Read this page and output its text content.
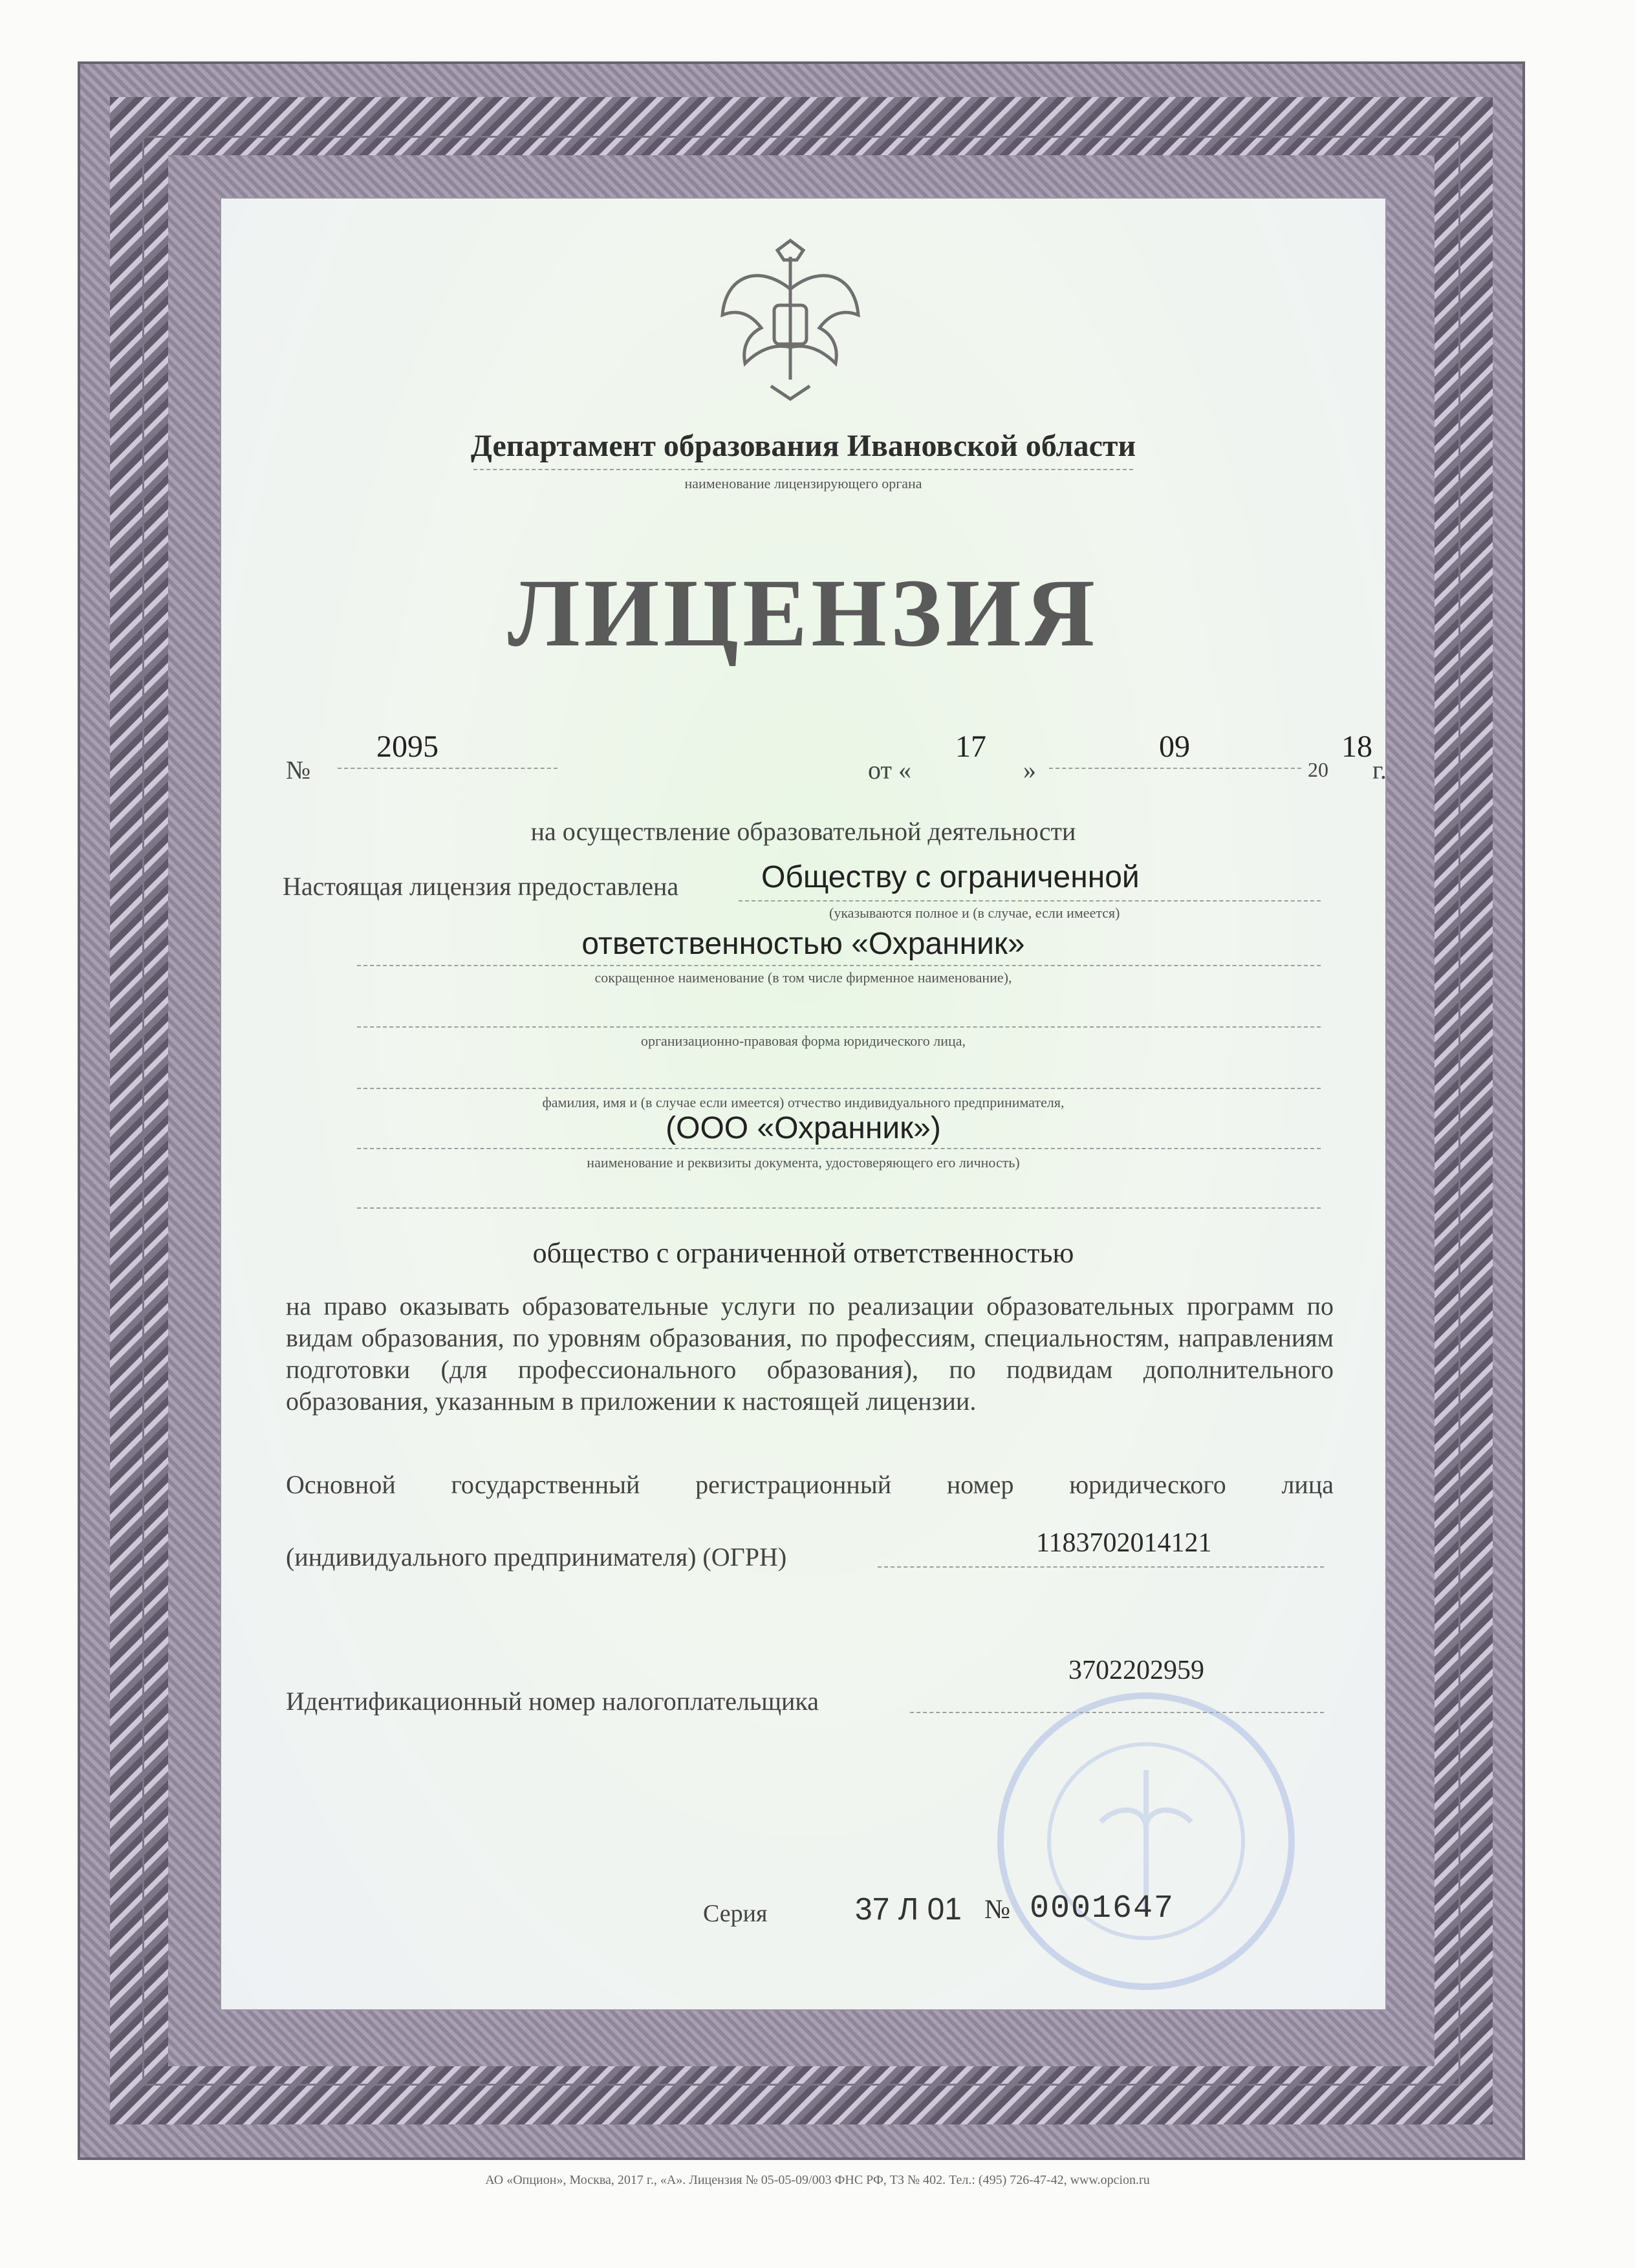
Департамент образования Ивановской области
наименование лицензирующего органа
ЛИЦЕНЗИЯ
№
2095
от «
17
»
09
20
18
г.
на осуществление образовательной деятельности
Настоящая лицензия предоставлена	Обществу с ограниченной
(указываются полное и (в случае, если имеется)
ответственностью «Охранник»
сокращенное наименование (в том числе фирменное наименование),
организационно-правовая форма юридического лица,
фамилия, имя и (в случае если имеется) отчество индивидуального предпринимателя,
(ООО «Охранник»)
наименование и реквизиты документа, удостоверяющего его личность)
общество с ограниченной ответственностью
на право оказывать образовательные услуги по реализации образовательных программ по видам образования, по уровням образования, по профессиям, специальностям, направлениям подготовки (для профессионального образования), по подвидам дополнительного образования, указанным в приложении к настоящей лицензии.
Основной государственный регистрационный номер юридического лица
(индивидуального предпринимателя) (ОГРН)	1183702014121
Идентификационный номер налогоплательщика
3702202959
Серия	37 Л 01 № 0001647
АО «Опцион», Москва, 2017 г., «А». Лицензия № 05-05-09/003 ФНС РФ, ТЗ № 402. Тел.: (495) 726-47-42, www.opcion.ru
